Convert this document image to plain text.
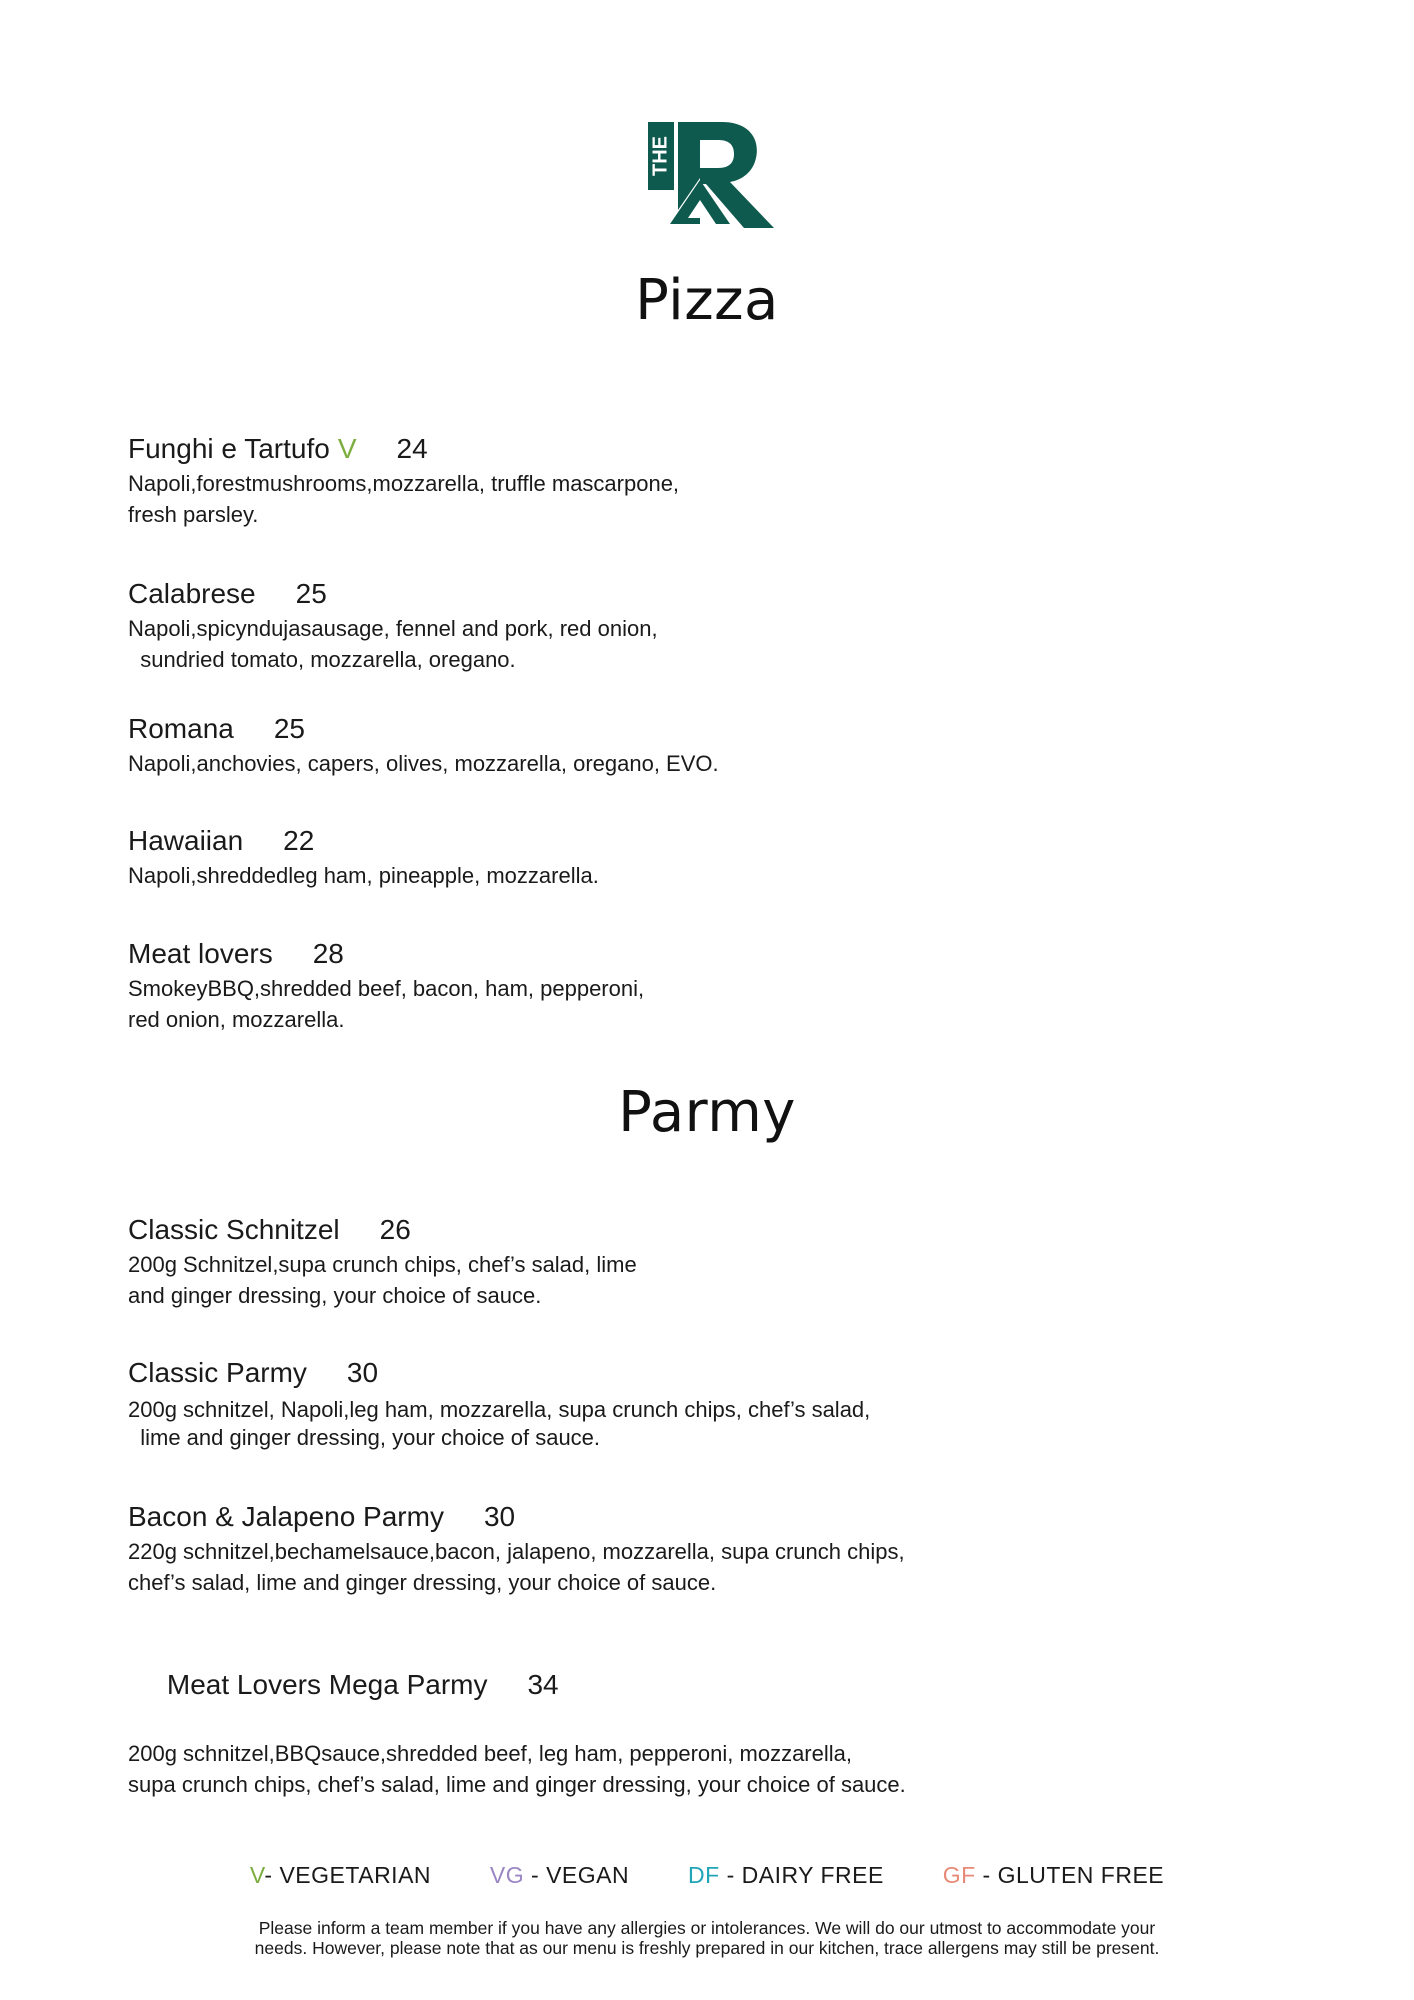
THE
Pizza
Funghi e Tartufo V 24
Napoli,forestmushrooms,mozzarella, truffle mascarpone,
fresh parsley.
Calabrese 25
Napoli,spicyndujasausage, fennel and pork, red onion,
sundried tomato, mozzarella, oregano.
Romana 25
Napoli,anchovies, capers, olives, mozzarella, oregano, EVO.
Hawaiian 22
Napoli,shreddedleg ham, pineapple, mozzarella.
Meat lovers 28
SmokeyBBQ,shredded beef, bacon, ham, pepperoni,
red onion, mozzarella.
Parmy
Classic Schnitzel 26
200g Schnitzel,supa crunch chips, chef’s salad, lime
and ginger dressing, your choice of sauce.
Classic Parmy 30
200g schnitzel, Napoli,leg ham, mozzarella, supa crunch chips, chef’s salad,
lime and ginger dressing, your choice of sauce.
Bacon & Jalapeno Parmy 30
220g schnitzel,bechamelsauce,bacon, jalapeno, mozzarella, supa crunch chips,
chef’s salad, lime and ginger dressing, your choice of sauce.

Meat Lovers Mega Parmy 34

200g schnitzel,BBQsauce,shredded beef, leg ham, pepperoni, mozzarella,
supa crunch chips, chef’s salad, lime and ginger dressing, your choice of sauce.
V- VEGETARIAN	VG - VEGAN	DF - DAIRY FREE	GF - GLUTEN FREE
Please inform a team member if you have any allergies or intolerances. We will do our utmost to accommodate your
needs. However, please note that as our menu is freshly prepared in our kitchen, trace allergens may still be present.
